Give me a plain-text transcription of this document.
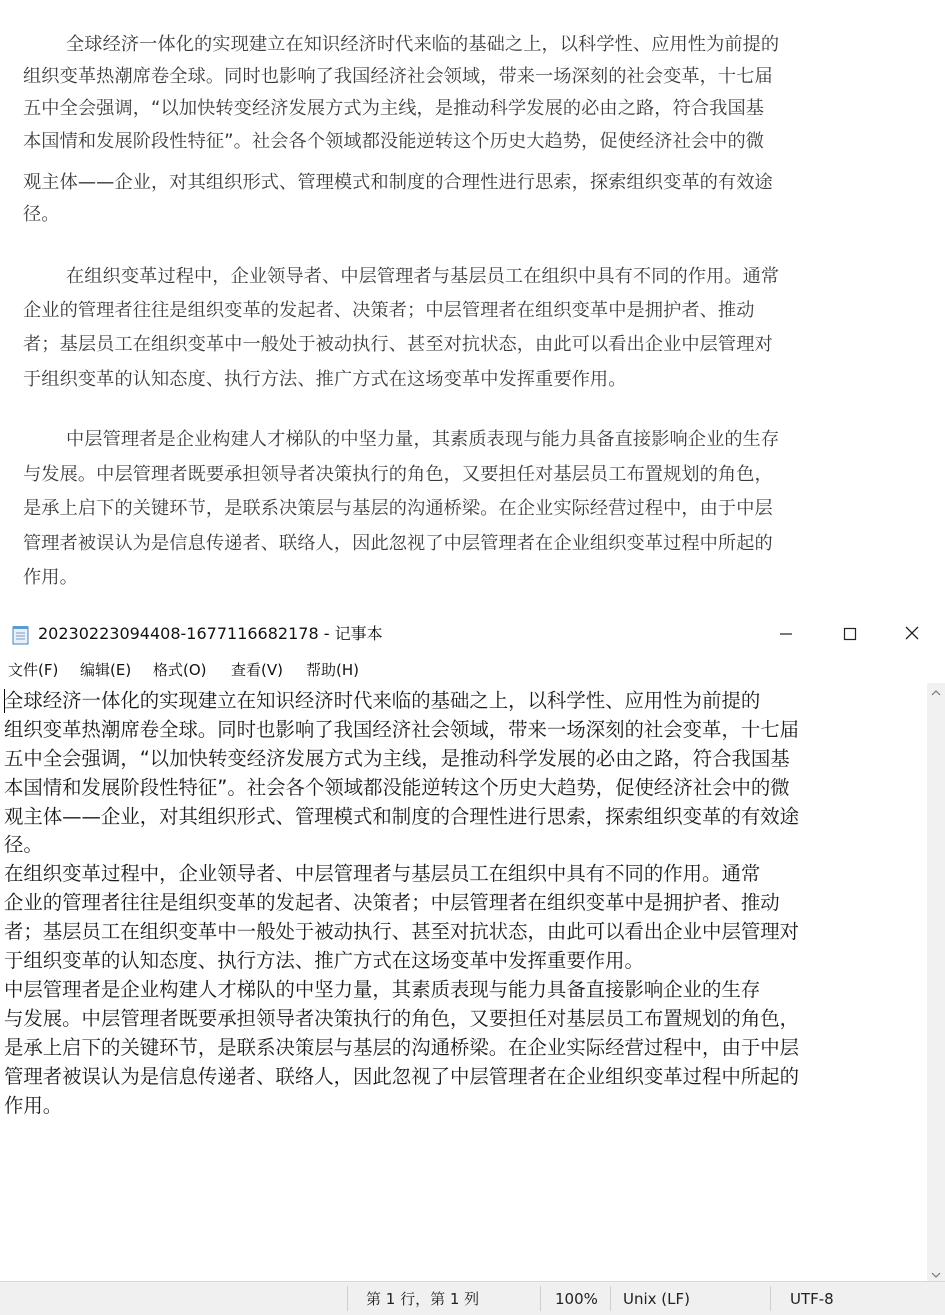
全球经济一体化的实现建立在知识经济时代来临的基础之上，以科学性、应用性为前提的
组织变革热潮席卷全球。同时也影响了我国经济社会领域，带来一场深刻的社会变革，十七届
五中全会强调，“以加快转变经济发展方式为主线，是推动科学发展的必由之路，符合我国基
本国情和发展阶段性特征”。社会各个领域都没能逆转这个历史大趋势，促使经济社会中的微
观主体——企业，对其组织形式、管理模式和制度的合理性进行思索，探索组织变革的有效途
径。
在组织变革过程中，企业领导者、中层管理者与基层员工在组织中具有不同的作用。通常
企业的管理者往往是组织变革的发起者、决策者；中层管理者在组织变革中是拥护者、推动
者；基层员工在组织变革中一般处于被动执行、甚至对抗状态，由此可以看出企业中层管理对
于组织变革的认知态度、执行方法、推广方式在这场变革中发挥重要作用。
中层管理者是企业构建人才梯队的中坚力量，其素质表现与能力具备直接影响企业的生存
与发展。中层管理者既要承担领导者决策执行的角色，又要担任对基层员工布置规划的角色，
是承上启下的关键环节，是联系决策层与基层的沟通桥梁。在企业实际经营过程中，由于中层
管理者被误认为是信息传递者、联络人，因此忽视了中层管理者在企业组织变革过程中所起的
作用。
20230223094408-1677116682178 - 记事本
文件(F) 编辑(E) 格式(O) 查看(V) 帮助(H)
全球经济一体化的实现建立在知识经济时代来临的基础之上，以科学性、应用性为前提的
组织变革热潮席卷全球。同时也影响了我国经济社会领域，带来一场深刻的社会变革，十七届
五中全会强调，“以加快转变经济发展方式为主线，是推动科学发展的必由之路，符合我国基
本国情和发展阶段性特征”。社会各个领域都没能逆转这个历史大趋势，促使经济社会中的微
观主体——企业，对其组织形式、管理模式和制度的合理性进行思索，探索组织变革的有效途
径。
在组织变革过程中，企业领导者、中层管理者与基层员工在组织中具有不同的作用。通常
企业的管理者往往是组织变革的发起者、决策者；中层管理者在组织变革中是拥护者、推动
者；基层员工在组织变革中一般处于被动执行、甚至对抗状态，由此可以看出企业中层管理对
于组织变革的认知态度、执行方法、推广方式在这场变革中发挥重要作用。
中层管理者是企业构建人才梯队的中坚力量，其素质表现与能力具备直接影响企业的生存
与发展。中层管理者既要承担领导者决策执行的角色，又要担任对基层员工布置规划的角色，
是承上启下的关键环节，是联系决策层与基层的沟通桥梁。在企业实际经营过程中，由于中层
管理者被误认为是信息传递者、联络人，因此忽视了中层管理者在企业组织变革过程中所起的
作用。
第 1 行，第 1 列	100% Unix (LF)	UTF-8
